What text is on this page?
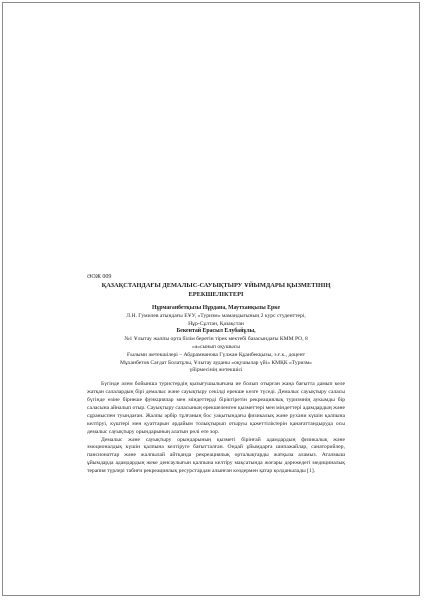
ӘОЖ 009

ҚАЗАҚСТАНДАҒЫ ДЕМАЛЫС-САУЫҚТЫРУ ҰЙЫМДАРЫ ҚЫЗМЕТІНІҢ ЕРЕКШЕЛІКТЕРІ

Нұрмағанбетқызы Нұрдана, Маутханқызы Ерке

Л.Н. Гумилев атындағы ЕҰУ, «Туризм» мамандығының 2 курс студенттері,

Нұр-Сұлтан, Қазақстан

Бекентай Ерасыл Елубайұлы,

№1 Ұлытау жалпы орта білім беретін тірек мектебі базасындағы КММ РО, 8

«ә»сынып оқушысы

Ғылыми жетекшілері – Абдрамнанова Гүлжан Құанбекқызы, э.ғ.к., доцент

Мұханбетов Сағдат Болатұлы, Ұлытау ауданы «оқушылар үйі» КМҚК «Туризм»

үйірмесінің жетекшісі

Бүгінде әлем бойынша туристердің қызығушылығына ие болып отырған жаңа бағытта дамып келе жатқан салалардың бірі демалыс және сауықтыру секілді ерекше көзге түседі. Демалыс сауықтыру саласы бүгінде өзіне бірнеше функциялар мен міндеттерді біріктіретін рекреациялық туризмнің аукымды бір саласына айналып отыр. Сауықтыру саласының ерекшеленген қызметтері мен міндеттері адамдардың және сұраныспен туындаған. Жалпы әрбір тұлғаның бос уақытындағы физикалық және рухани күшін қалпына келтіруі, күштері мен қуаттарын әрдайым толықтырып отыруы қажеттіліктерін қанағаттандыруда осы демалыс сауықтыру орындарының алатын рөлі өте зор.

Демалыс және сауықтыру орындарының қызметі бірінғай адамдардың физикалық және эмоционалдық күшін қалпына келтіруге бағытталған. Ондай ұйымдарға шипажайлар, санаторийлер, пансионаттар және жалпылай айтқанда рекреациялық орталықтарды жатқыза аламыз. Аталмыш ұйымдарда адамдардың жеке денсаулығын қалпына келтіру мақсатында жоғары дәрежедегі медициналық терапия түрлері табиғи рекреациялық ресурстардан алынған көздермен қатар қолданылады [1].
